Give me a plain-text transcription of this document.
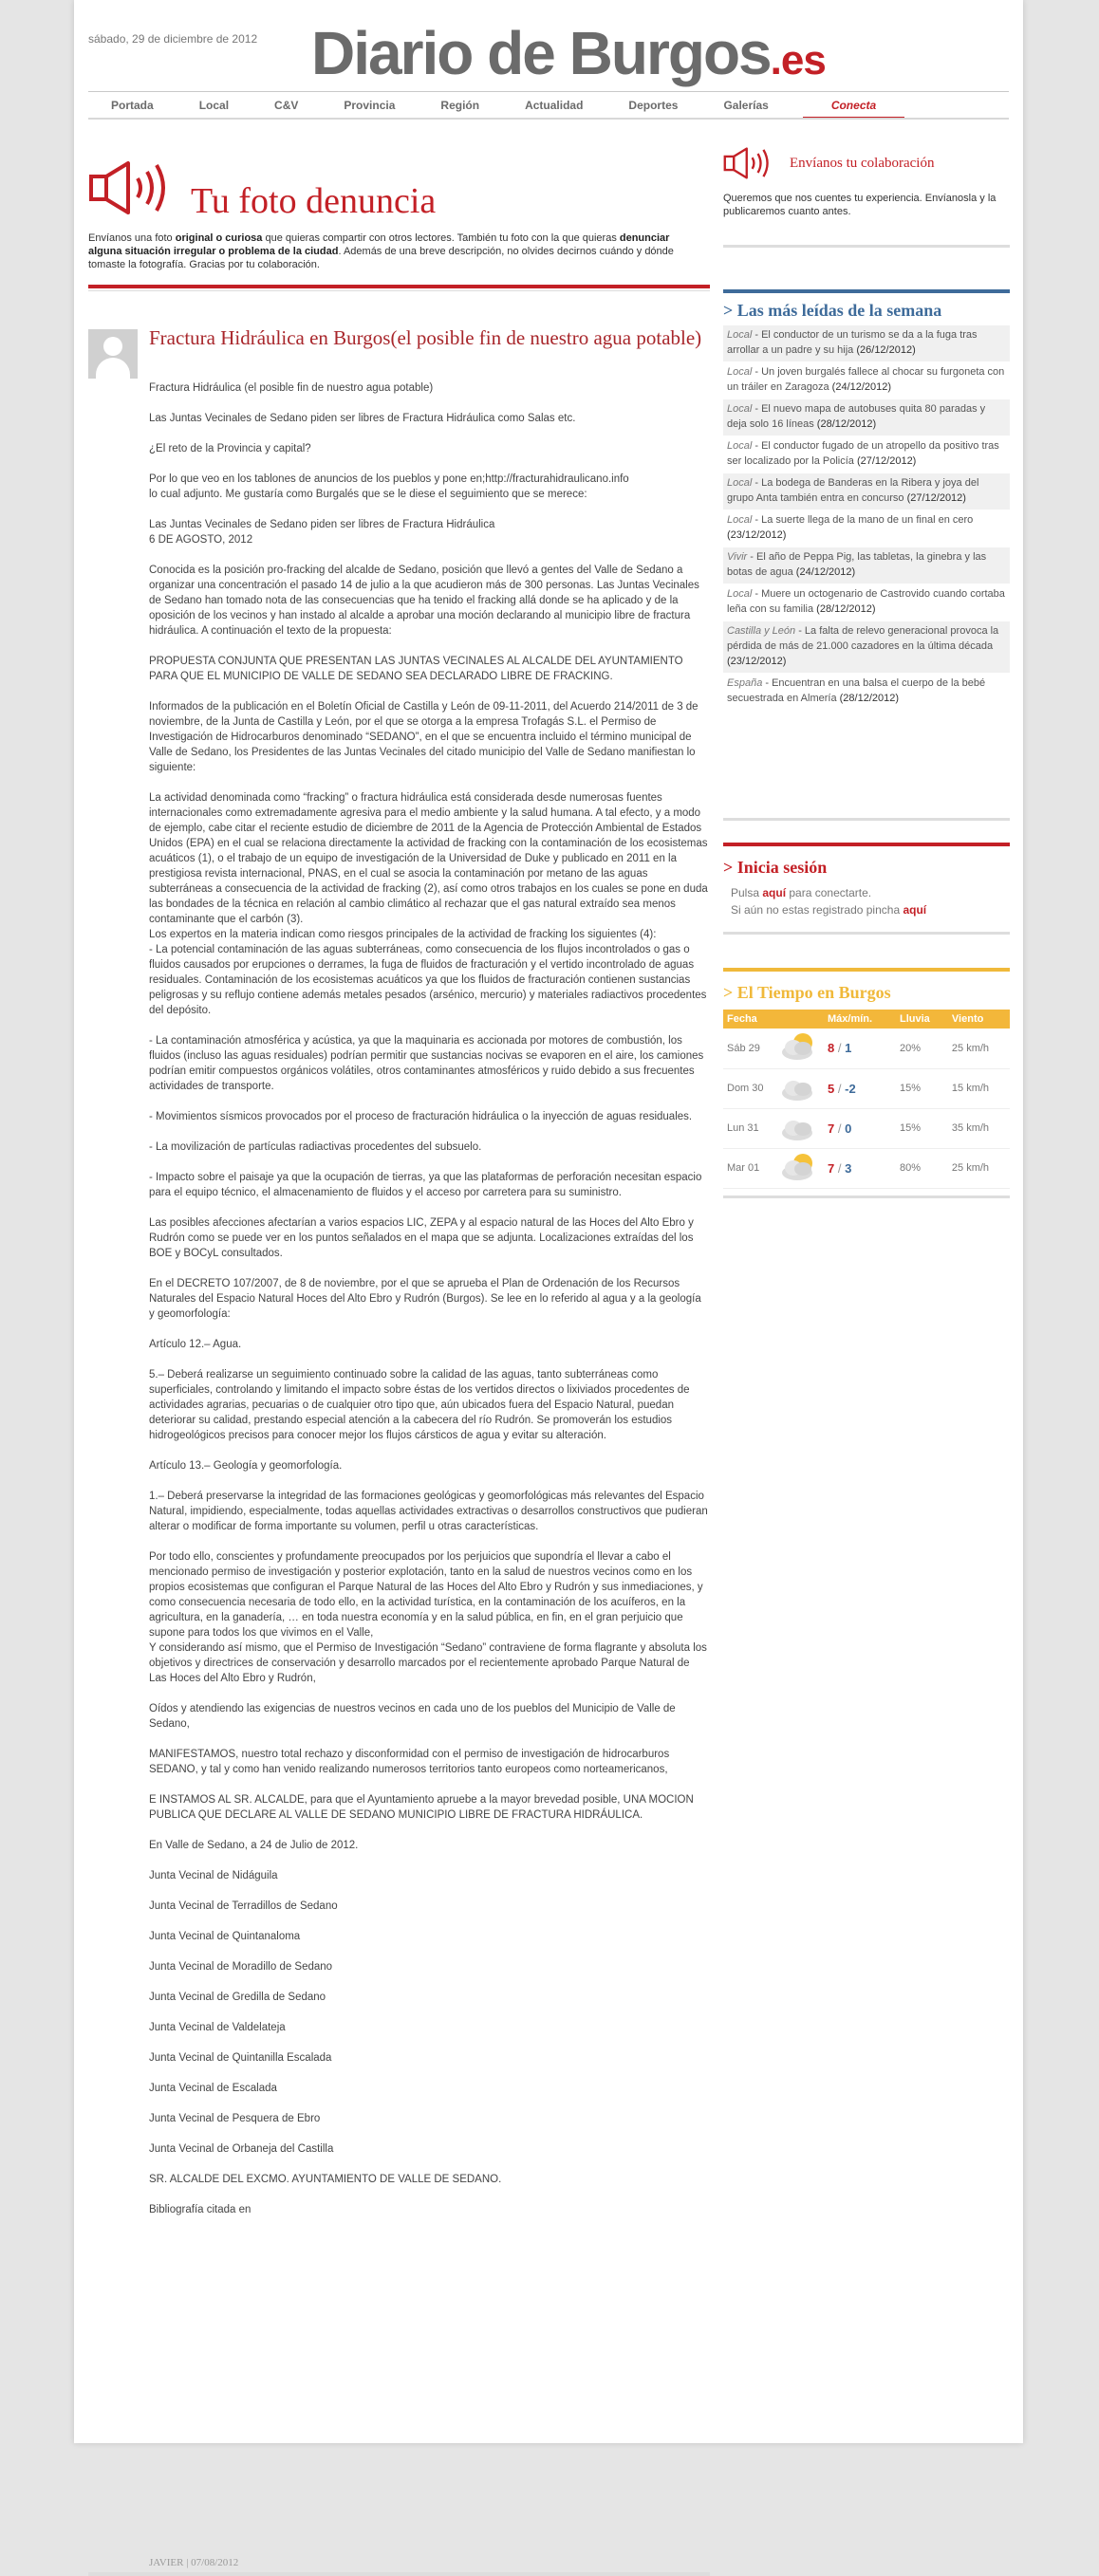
sábado, 29 de diciembre de 2012 Diario de Burgos.es
Portada	Local	C&V	Provincia	Región	Actualidad	Deportes	Galerías	Conecta
Tu foto denuncia
Envíanos una foto original o curiosa que quieras compartir con otros lectores. También tu foto con la que quieras denunciar alguna situación irregular o problema de la ciudad. Además de una breve descripción, no olvides decirnos cuándo y dónde tomaste la fotografía. Gracias por tu colaboración.
Fractura Hidráulica en Burgos(el posible fin de nuestro agua potable)

Fractura Hidráulica (el posible fin de nuestro agua potable)

Las Juntas Vecinales de Sedano piden ser libres de Fractura Hidráulica como Salas etc.

¿El reto de la Provincia y capital?

Por lo que veo en los tablones de anuncios de los pueblos y pone en;http://fracturahidraulicano.info
lo cual adjunto. Me gustaría como Burgalés que se le diese el seguimiento que se merece:

Las Juntas Vecinales de Sedano piden ser libres de Fractura Hidráulica
6 DE AGOSTO, 2012

Conocida es la posición pro-fracking del alcalde de Sedano, posición que llevó a gentes del Valle de Sedano a organizar una concentración el pasado 14 de julio a la que acudieron más de 300 personas. Las Juntas Vecinales de Sedano han tomado nota de las consecuencias que ha tenido el fracking allá donde se ha aplicado y de la oposición de los vecinos y han instado al alcalde a aprobar una moción declarando al municipio libre de fractura hidráulica. A continuación el texto de la propuesta:

PROPUESTA CONJUNTA QUE PRESENTAN LAS JUNTAS VECINALES AL ALCALDE DEL AYUNTAMIENTO PARA QUE EL MUNICIPIO DE VALLE DE SEDANO SEA DECLARADO LIBRE DE FRACKING.

Informados de la publicación en el Boletín Oficial de Castilla y León de 09-11-2011, del Acuerdo 214/2011 de 3 de noviembre, de la Junta de Castilla y León, por el que se otorga a la empresa Trofagás S.L. el Permiso de Investigación de Hidrocarburos denominado “SEDANO”, en el que se encuentra incluido el término municipal de Valle de Sedano, los Presidentes de las Juntas Vecinales del citado municipio del Valle de Sedano manifiestan lo siguiente:

La actividad denominada como “fracking” o fractura hidráulica está considerada desde numerosas fuentes internacionales como extremadamente agresiva para el medio ambiente y la salud humana. A tal efecto, y a modo de ejemplo, cabe citar el reciente estudio de diciembre de 2011 de la Agencia de Protección Ambiental de Estados Unidos (EPA) en el cual se relaciona directamente la actividad de fracking con la contaminación de los ecosistemas acuáticos (1), o el trabajo de un equipo de investigación de la Universidad de Duke y publicado en 2011 en la prestigiosa revista internacional, PNAS, en el cual se asocia la contaminación por metano de las aguas subterráneas a consecuencia de la actividad de fracking (2), así como otros trabajos en los cuales se pone en duda las bondades de la técnica en relación al cambio climático al rechazar que el gas natural extraído sea menos contaminante que el carbón (3).
Los expertos en la materia indican como riesgos principales de la actividad de fracking los siguientes (4):
- La potencial contaminación de las aguas subterráneas, como consecuencia de los flujos incontrolados o gas o fluidos causados por erupciones o derrames, la fuga de fluidos de fracturación y el vertido incontrolado de aguas residuales. Contaminación de los ecosistemas acuáticos ya que los fluidos de fracturación contienen sustancias peligrosas y su reflujo contiene además metales pesados (arsénico, mercurio) y materiales radiactivos procedentes del depósito.

- La contaminación atmosférica y acústica, ya que la maquinaria es accionada por motores de combustión, los fluidos (incluso las aguas residuales) podrían permitir que sustancias nocivas se evaporen en el aire, los camiones podrían emitir compuestos orgánicos volátiles, otros contaminantes atmosféricos y ruido debido a sus frecuentes actividades de transporte.

- Movimientos sísmicos provocados por el proceso de fracturación hidráulica o la inyección de aguas residuales.

- La movilización de partículas radiactivas procedentes del subsuelo.

- Impacto sobre el paisaje ya que la ocupación de tierras, ya que las plataformas de perforación necesitan espacio para el equipo técnico, el almacenamiento de fluidos y el acceso por carretera para su suministro.

Las posibles afecciones afectarían a varios espacios LIC, ZEPA y al espacio natural de las Hoces del Alto Ebro y Rudrón como se puede ver en los puntos señalados en el mapa que se adjunta. Localizaciones extraídas del los BOE y BOCyL consultados.

En el DECRETO 107/2007, de 8 de noviembre, por el que se aprueba el Plan de Ordenación de los Recursos Naturales del Espacio Natural Hoces del Alto Ebro y Rudrón (Burgos). Se lee en lo referido al agua y a la geología y geomorfología:

Artículo 12.– Agua.

5.– Deberá realizarse un seguimiento continuado sobre la calidad de las aguas, tanto subterráneas como superficiales, controlando y limitando el impacto sobre éstas de los vertidos directos o lixiviados procedentes de actividades agrarias, pecuarias o de cualquier otro tipo que, aún ubicados fuera del Espacio Natural, puedan deteriorar su calidad, prestando especial atención a la cabecera del río Rudrón. Se promoverán los estudios hidrogeológicos precisos para conocer mejor los flujos cársticos de agua y evitar su alteración.

Artículo 13.– Geología y geomorfología.

1.– Deberá preservarse la integridad de las formaciones geológicas y geomorfológicas más relevantes del Espacio Natural, impidiendo, especialmente, todas aquellas actividades extractivas o desarrollos constructivos que pudieran alterar o modificar de forma importante su volumen, perfil u otras características.

Por todo ello, conscientes y profundamente preocupados por los perjuicios que supondría el llevar a cabo el mencionado permiso de investigación y posterior explotación, tanto en la salud de nuestros vecinos como en los propios ecosistemas que configuran el Parque Natural de las Hoces del Alto Ebro y Rudrón y sus inmediaciones, y como consecuencia necesaria de todo ello, en la actividad turística, en la contaminación de los acuíferos, en la agricultura, en la ganadería, … en toda nuestra economía y en la salud pública, en fin, en el gran perjuicio que supone para todos los que vivimos en el Valle,
Y considerando así mismo, que el Permiso de Investigación “Sedano” contraviene de forma flagrante y absoluta los objetivos y directrices de conservación y desarrollo marcados por el recientemente aprobado Parque Natural de Las Hoces del Alto Ebro y Rudrón,

Oídos y atendiendo las exigencias de nuestros vecinos en cada uno de los pueblos del Municipio de Valle de Sedano,

MANIFESTAMOS, nuestro total rechazo y disconformidad con el permiso de investigación de hidrocarburos SEDANO, y tal y como han venido realizando numerosos territorios tanto europeos como norteamericanos,

E INSTAMOS AL SR. ALCALDE, para que el Ayuntamiento apruebe a la mayor brevedad posible, UNA MOCION PUBLICA QUE DECLARE AL VALLE DE SEDANO MUNICIPIO LIBRE DE FRACTURA HIDRÁULICA.

En Valle de Sedano, a 24 de Julio de 2012.

Junta Vecinal de Nidáguila

Junta Vecinal de Terradillos de Sedano

Junta Vecinal de Quintanaloma

Junta Vecinal de Moradillo de Sedano

Junta Vecinal de Gredilla de Sedano

Junta Vecinal de Valdelateja

Junta Vecinal de Quintanilla Escalada

Junta Vecinal de Escalada

Junta Vecinal de Pesquera de Ebro

Junta Vecinal de Orbaneja del Castilla

SR. ALCALDE DEL EXCMO. AYUNTAMIENTO DE VALLE DE SEDANO.

Bibliografía citada en

JAVIER | 07/08/2012
Envíanos tu colaboración
Queremos que nos cuentes tu experiencia. Envíanosla y la publicaremos cuanto antes.
> Las más leídas de la semana
Local - El conductor de un turismo se da a la fuga tras arrollar a un padre y su hija (26/12/2012)
Local - Un joven burgalés fallece al chocar su furgoneta con un tráiler en Zaragoza (24/12/2012)
Local - El nuevo mapa de autobuses quita 80 paradas y deja solo 16 líneas (28/12/2012)
Local - El conductor fugado de un atropello da positivo tras ser localizado por la Policía (27/12/2012)
Local - La bodega de Banderas en la Ribera y joya del grupo Anta también entra en concurso (27/12/2012)
Local - La suerte llega de la mano de un final en cero (23/12/2012)
Vivir - El año de Peppa Pig, las tabletas, la ginebra y las botas de agua (24/12/2012)
Local - Muere un octogenario de Castrovido cuando cortaba leña con su familia (28/12/2012)
Castilla y León - La falta de relevo generacional provoca la pérdida de más de 21.000 cazadores en la última década (23/12/2012)
España - Encuentran en una balsa el cuerpo de la bebé secuestrada en Almería (28/12/2012)
> Inicia sesión
Pulsa aquí para conectarte.
Si aún no estas registrado pincha aquí
> El Tiempo en Burgos
Fecha		Máx/mín.	Lluvia	Viento
Sáb 29		8 / 1	20%	25 km/h
Dom 30		5 / -2	15%	15 km/h
Lun 31		7 / 0	15%	35 km/h
Mar 01		7 / 3	80%	25 km/h
